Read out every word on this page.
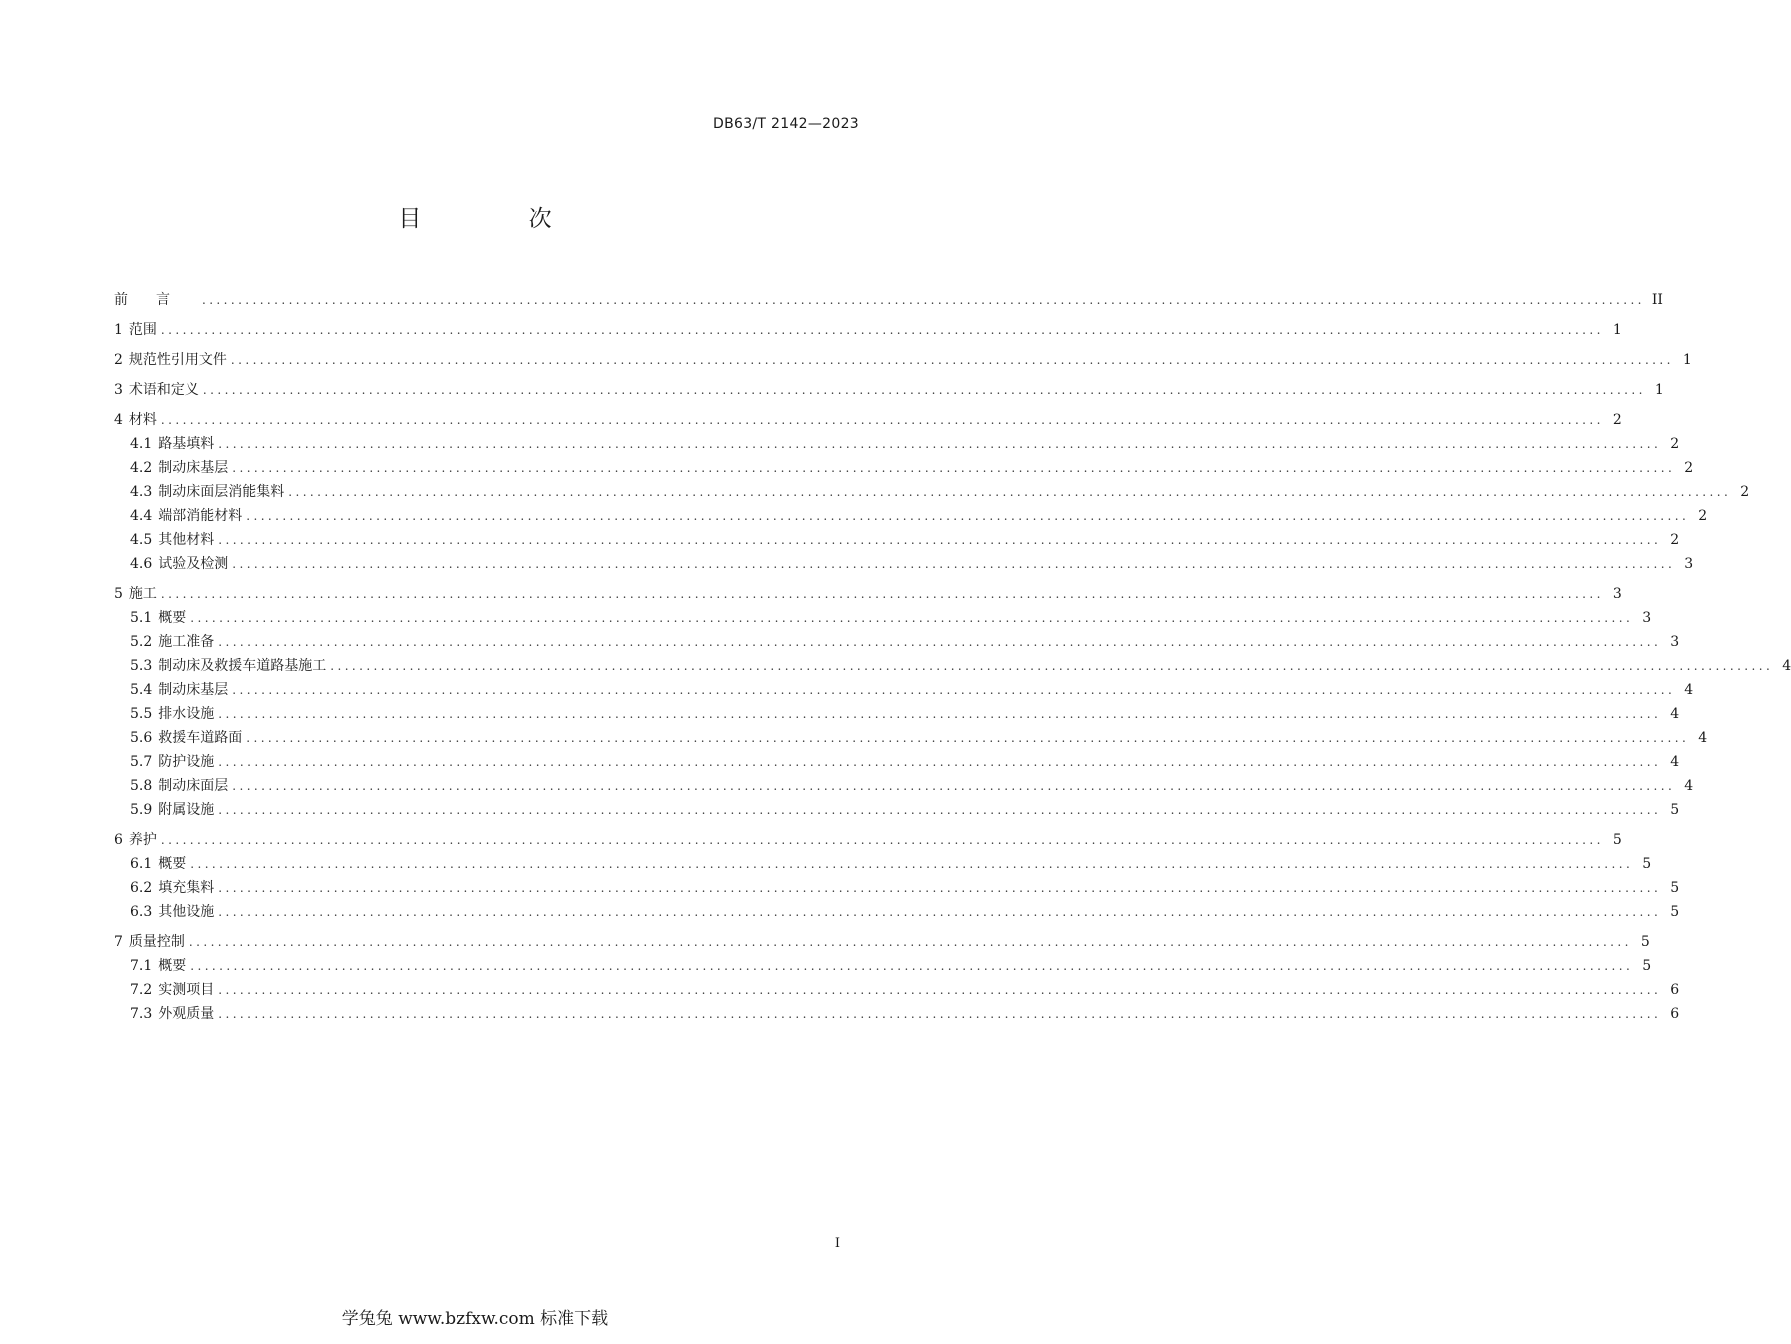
DB63/T 2142—2023
目 次
前言 ........................................................................................................................................................................................................ II
1 范围 ........................................................................................................................................................................................................ 1
2 规范性引用文件 ........................................................................................................................................................................................................ 1
3 术语和定义 ........................................................................................................................................................................................................ 1
4 材料 ........................................................................................................................................................................................................ 2
4.1 路基填料 ........................................................................................................................................................................................................ 2
4.2 制动床基层 ........................................................................................................................................................................................................ 2
4.3 制动床面层消能集料 ........................................................................................................................................................................................................ 2
4.4 端部消能材料 ........................................................................................................................................................................................................ 2
4.5 其他材料 ........................................................................................................................................................................................................ 2
4.6 试验及检测 ........................................................................................................................................................................................................ 3
5 施工 ........................................................................................................................................................................................................ 3
5.1 概要 ........................................................................................................................................................................................................ 3
5.2 施工准备 ........................................................................................................................................................................................................ 3
5.3 制动床及救援车道路基施工 ........................................................................................................................................................................................................ 4
5.4 制动床基层 ........................................................................................................................................................................................................ 4
5.5 排水设施 ........................................................................................................................................................................................................ 4
5.6 救援车道路面 ........................................................................................................................................................................................................ 4
5.7 防护设施 ........................................................................................................................................................................................................ 4
5.8 制动床面层 ........................................................................................................................................................................................................ 4
5.9 附属设施 ........................................................................................................................................................................................................ 5
6 养护 ........................................................................................................................................................................................................ 5
6.1 概要 ........................................................................................................................................................................................................ 5
6.2 填充集料 ........................................................................................................................................................................................................ 5
6.3 其他设施 ........................................................................................................................................................................................................ 5
7 质量控制 ........................................................................................................................................................................................................ 5
7.1 概要 ........................................................................................................................................................................................................ 5
7.2 实测项目 ........................................................................................................................................................................................................ 6
7.3 外观质量 ........................................................................................................................................................................................................ 6
I
学兔兔 www.bzfxw.com 标准下载
